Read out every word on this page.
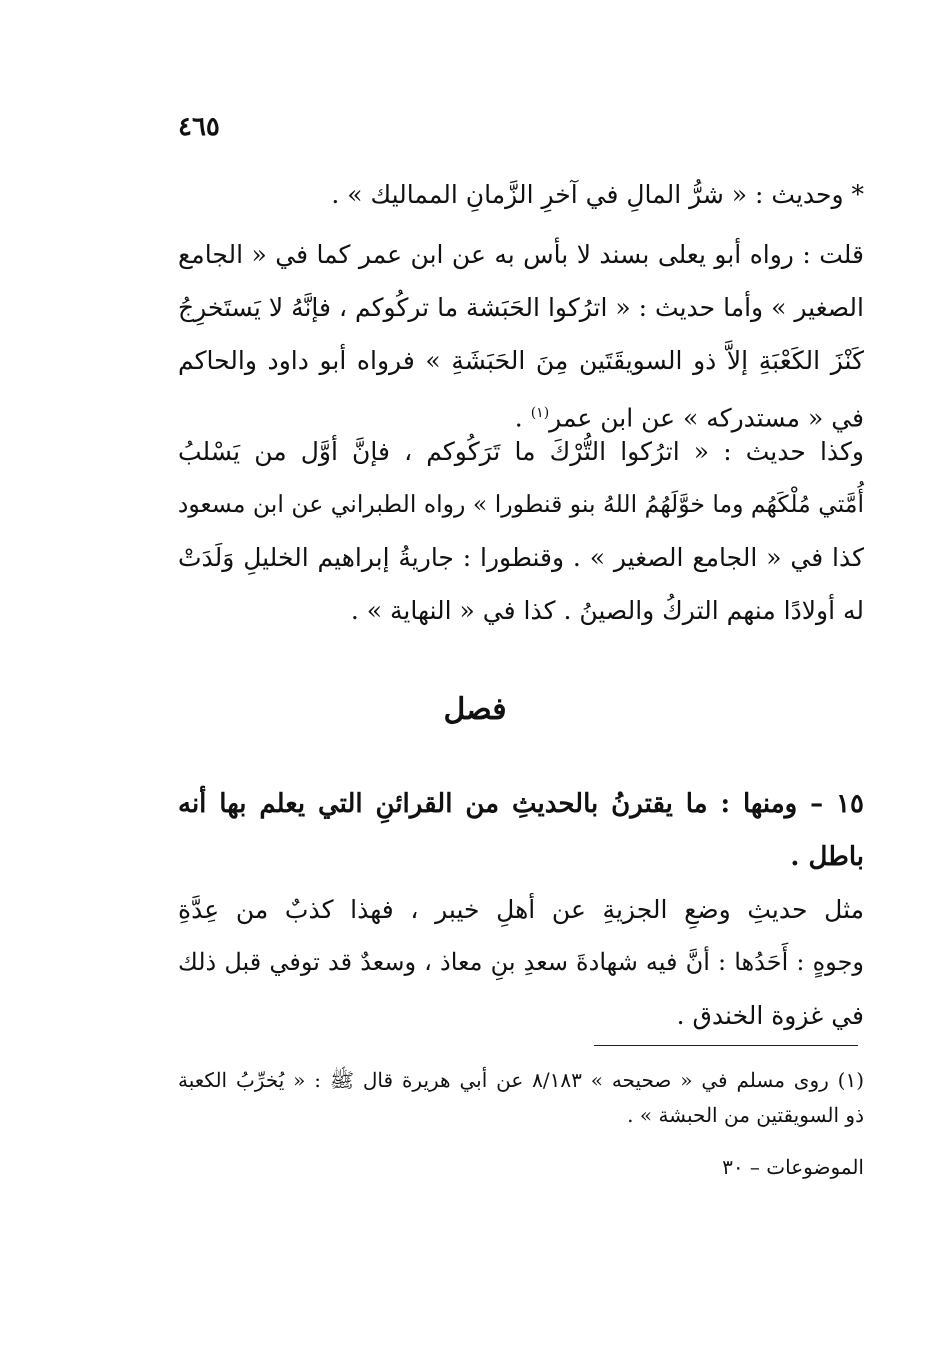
٤٦٥
* وحديث : « شرُّ المالِ في آخرِ الزَّمانِ المماليك » .
قلت : رواه أبو يعلى بسند لا بأس به عن ابن عمر كما في « الجامع
الصغير » وأما حديث : « اترُكوا الحَبَشة ما تركُوكم ، فإنَّهُ لا يَستَخرِجُ
كَنْزَ الكَعْبَةِ إلاَّ ذو السويقَتَين مِنَ الحَبَشَةِ » فرواه أبو داود والحاكم
في « مستدركه » عن ابن عمر$^{(١)}$ .
وكذا حديث : « اترُكوا التُّرْكَ ما تَرَكُوكم ، فإنَّ أوَّل من يَسْلبُ
أُمَّتي مُلْكَهُم وما خوَّلَهُمُ اللهُ بنو قنطورا » رواه الطبراني عن ابن مسعود
كذا في « الجامع الصغير » . وقنطورا : جاريةُ إبراهيم الخليلِ وَلَدَتْ
له أولادًا منهم التركُ والصينُ . كذا في « النهاية » .
فصل
١٥ – ومنها : ما يقترنُ بالحديثِ من القرائنِ التي يعلم بها أنه
باطل .
مثل حديثِ وضعِ الجزيةِ عن أهلِ خيبر ، فهذا كذبٌ من عِدَّةِ
وجوهٍ : أَحَدُها : أنَّ فيه شهادةَ سعدِ بنِ معاذ ، وسعدٌ قد توفي قبل ذلك
في غزوة الخندق .
(١) روى مسلم في « صحيحه » ٨/١٨٣ عن أبي هريرة قال ﷺ : « يُخرِّبُ الكعبة
ذو السويقتين من الحبشة » .
الموضوعات – ٣٠
